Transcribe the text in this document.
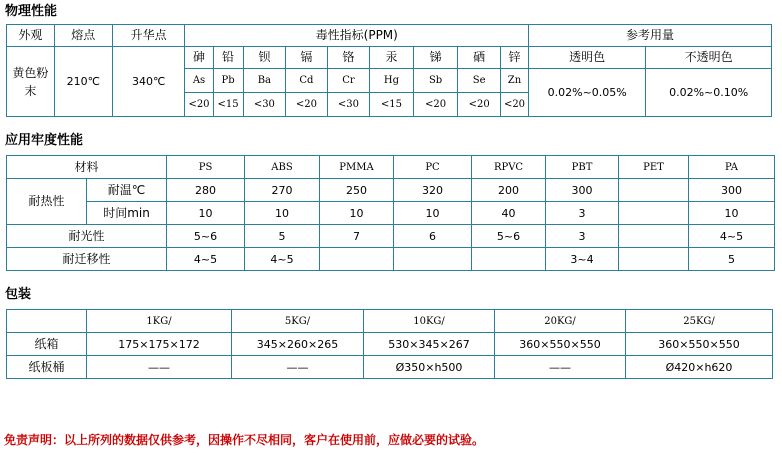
物理性能
外观	熔点	升华点	毒性指标(PPM)									参考用量	
黄色粉末	210℃	340℃	砷	铅	钡	镉	铬	汞	锑	硒	锌	透明色	不透明色
			As	Pb	Ba	Cd	Cr	Hg	Sb	Se	Zn	0.02%~0.05%	0.02%~0.10%
			<20	<15	<30	<20	<30	<15	<20	<20	<20		
应用牢度性能
材料		PS	ABS	PMMA	PC	RPVC	PBT	PET	PA
耐热性	耐温℃	280	270	250	320	200	300		300
	时间min	10	10	10	10	40	3		10
耐光性		5~6	5	7	6	5~6	3		4~5
耐迁移性		4~5	4~5				3~4		5
包装
	1KG/	5KG/	10KG/	20KG/	25KG/
纸箱	175×175×172	345×260×265	530×345×267	360×550×550	360×550×550
纸板桶	——	——	Ø350×h500	——	Ø420×h620
免责声明：以上所列的数据仅供参考，因操作不尽相同，客户在使用前，应做必要的试验。
